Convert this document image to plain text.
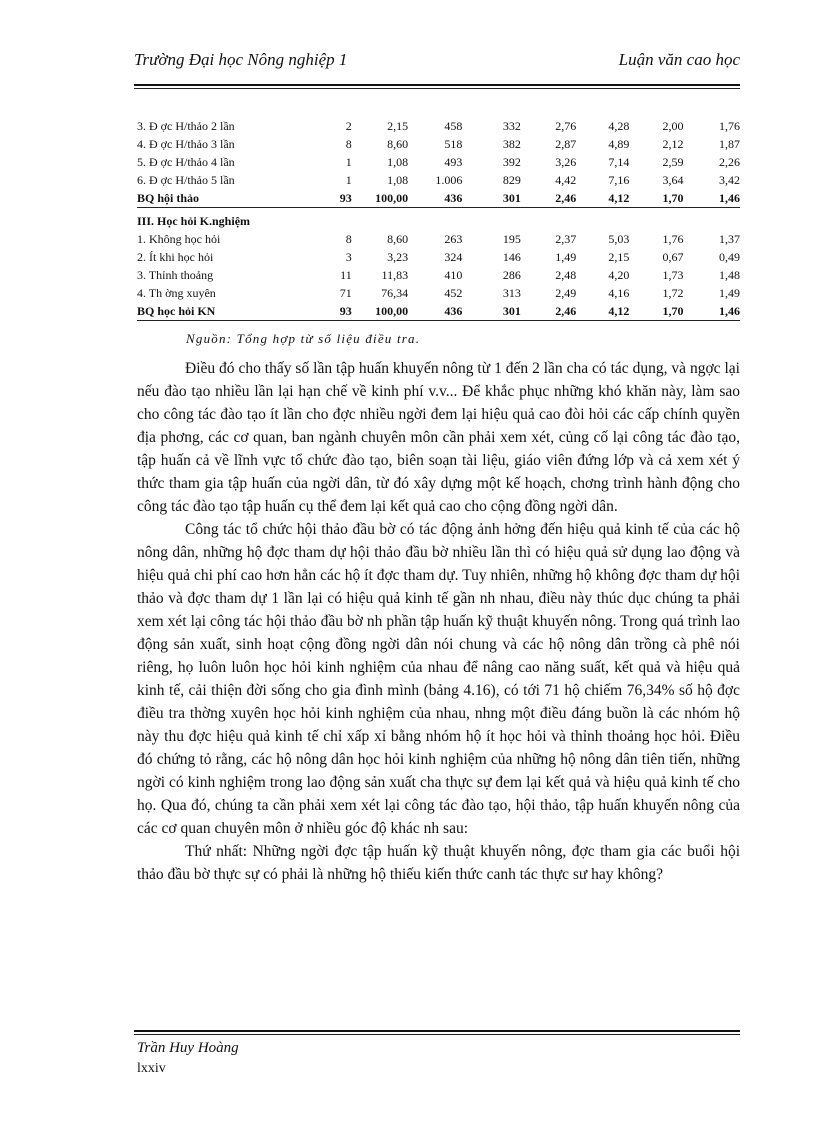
Trường Đại học Nông nghiệp 1	Luận văn cao học
3. Đ ợc H/thảo 2 lần	2	2,15	458	332	2,76	4,28	2,00	1,76
4. Đ ợc H/thảo 3 lần	8	8,60	518	382	2,87	4,89	2,12	1,87
5. Đ ợc H/thảo 4 lần	1	1,08	493	392	3,26	7,14	2,59	2,26
6. Đ ợc H/thảo 5 lần	1	1,08	1.006	829	4,42	7,16	3,64	3,42
BQ hội thảo	93	100,00	436	301	2,46	4,12	1,70	1,46
III. Học hỏi K.nghiệm								
1. Không học hỏi	8	8,60	263	195	2,37	5,03	1,76	1,37
2. Ít khi học hỏi	3	3,23	324	146	1,49	2,15	0,67	0,49
3. Thỉnh thoảng	11	11,83	410	286	2,48	4,20	1,73	1,48
4. Th ờng xuyên	71	76,34	452	313	2,49	4,16	1,72	1,49
BQ học hỏi KN	93	100,00	436	301	2,46	4,12	1,70	1,46
Nguồn: Tổng hợp từ số liệu điều tra.

Điều đó cho thấy số lần tập huấn khuyến nông từ 1 đến 2 lần cha có tác dụng, và ngợc lại nếu đào tạo nhiều lần lại hạn chế về kinh phí v.v... Để khắc phục những khó khăn này, làm sao cho công tác đào tạo ít lần cho đợc nhiều ngời đem lại hiệu quả cao đòi hỏi các cấp chính quyền địa phơng, các cơ quan, ban ngành chuyên môn cần phải xem xét, củng cố lại công tác đào tạo, tập huấn cả về lĩnh vực tổ chức đào tạo, biên soạn tài liệu, giáo viên đứng lớp và cả xem xét ý thức tham gia tập huấn của ngời dân, từ đó xây dựng một kế hoạch, chơng trình hành động cho công tác đào tạo tập huấn cụ thể đem lại kết quả cao cho cộng đồng ngời dân.

Công tác tổ chức hội thảo đầu bờ có tác động ảnh hởng đến hiệu quả kinh tế của các hộ nông dân, những hộ đợc tham dự hội thảo đầu bờ nhiều lần thì có hiệu quả sử dụng lao động và hiệu quả chi phí cao hơn hẳn các hộ ít đợc tham dự. Tuy nhiên, những hộ không đợc tham dự hội thảo và đợc tham dự 1 lần lại có hiệu quả kinh tế gần nh nhau, điều này thúc dục chúng ta phải xem xét lại công tác hội thảo đầu bờ nh phần tập huấn kỹ thuật khuyến nông. Trong quá trình lao động sản xuất, sinh hoạt cộng đồng ngời dân nói chung và các hộ nông dân trồng cà phê nói riêng, họ luôn luôn học hỏi kinh nghiệm của nhau để nâng cao năng suất, kết quả và hiệu quả kinh tế, cải thiện đời sống cho gia đình mình (bảng 4.16), có tới 71 hộ chiếm 76,34% số hộ đợc điều tra thờng xuyên học hỏi kinh nghiệm của nhau, nhng một điều đáng buồn là các nhóm hộ này thu đợc hiệu quả kinh tế chỉ xấp xỉ bằng nhóm hộ ít học hỏi và thỉnh thoảng học hỏi. Điều đó chứng tỏ rằng, các hộ nông dân học hỏi kinh nghiệm của những hộ nông dân tiên tiến, những ngời có kinh nghiệm trong lao động sản xuất cha thực sự đem lại kết quả và hiệu quả kinh tế cho họ. Qua đó, chúng ta cần phải xem xét lại công tác đào tạo, hội thảo, tập huấn khuyến nông của các cơ quan chuyên môn ở nhiều góc độ khác nh sau:

Thứ nhất: Những ngời đợc tập huấn kỹ thuật khuyến nông, đợc tham gia các buổi hội thảo đầu bờ thực sự có phải là những hộ thiếu kiến thức canh tác thực sư hay không?

Trần Huy Hoàng
lxxiv
